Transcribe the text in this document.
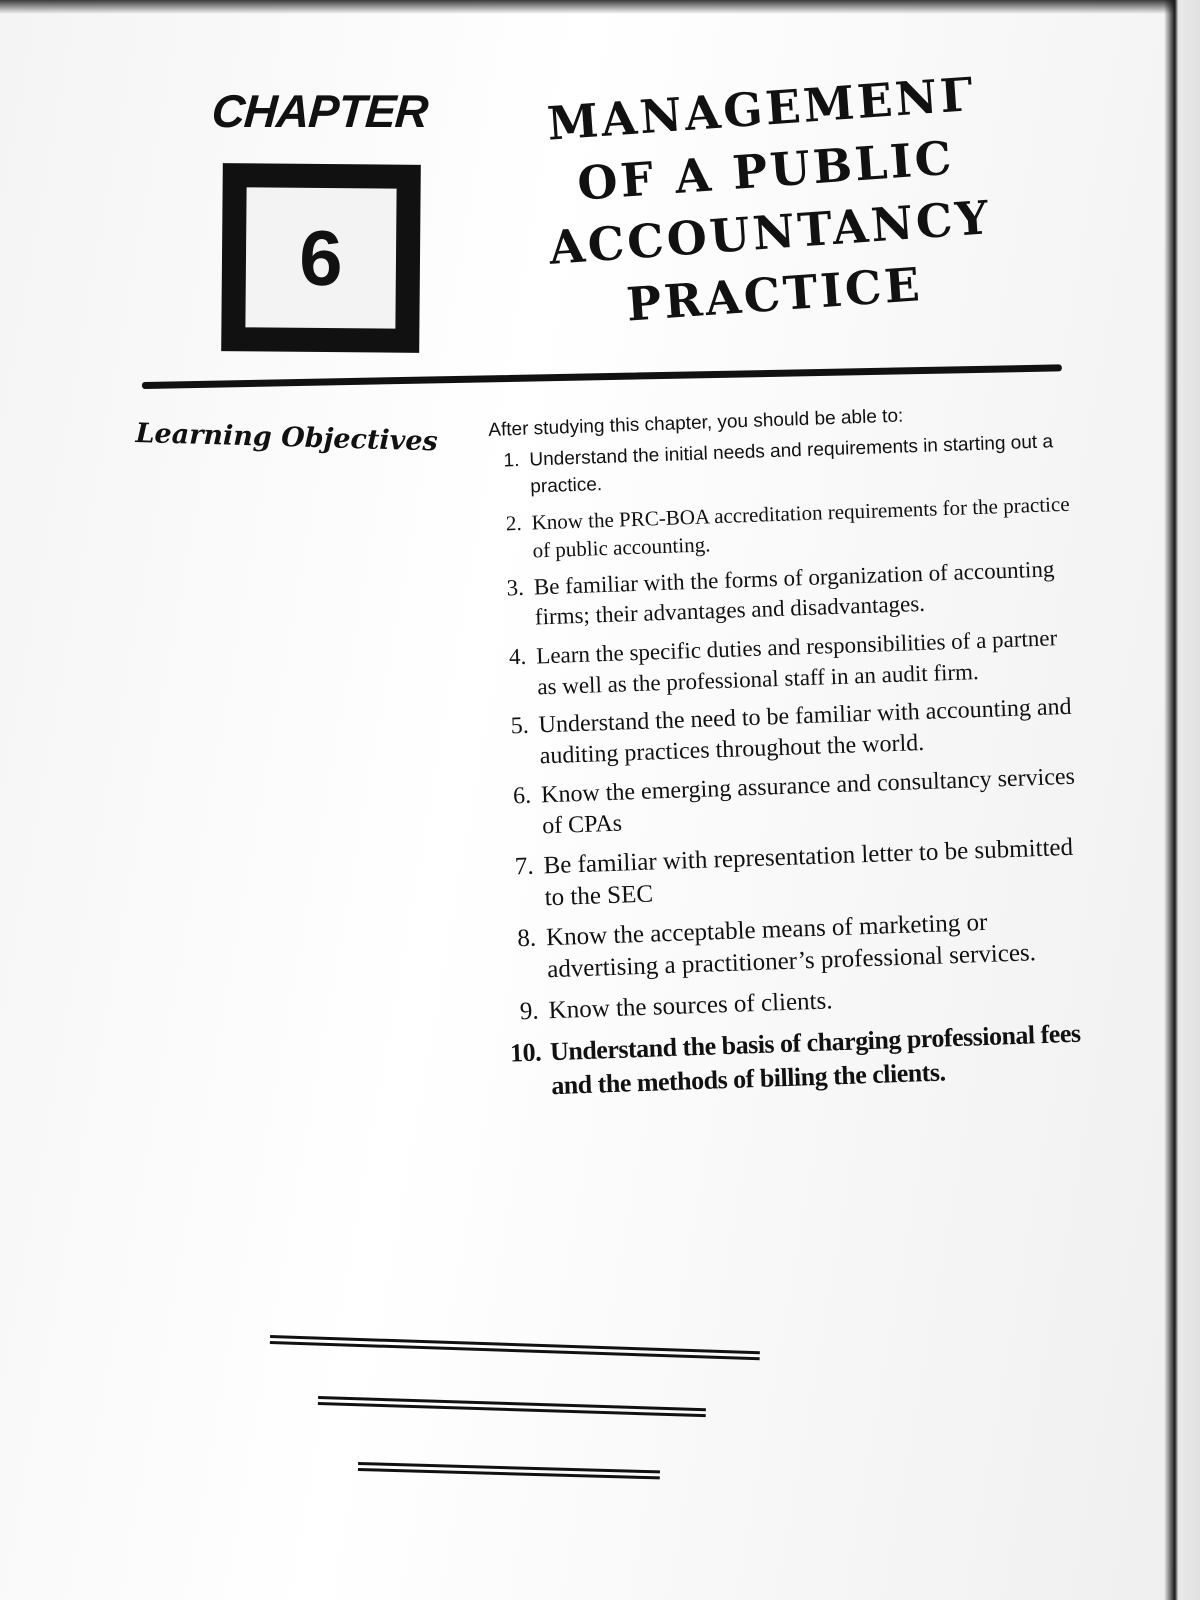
CHAPTER
6
MANAGEMENΓ
OF A PUBLIC
ACCOUNTANCY
PRACTICE
Learning Objectives	After studying this chapter, you should be able to:
1. Understand the initial needs and requirements in starting out a practice.
2. Know the PRC-BOA accreditation requirements for the practice of public accounting.
3. Be familiar with the forms of organization of accounting firms; their advantages and disadvantages.
4. Learn the specific duties and responsibilities of a partner as well as the professional staff in an audit firm.
5. Understand the need to be familiar with accounting and auditing practices throughout the world.
6. Know the emerging assurance and consultancy services of CPAs
7. Be familiar with representation letter to be submitted to the SEC
8. Know the acceptable means of marketing or advertising a practitioner’s professional services.
9. Know the sources of clients.
10. Understand the basis of charging professional fees and the methods of billing the clients.
